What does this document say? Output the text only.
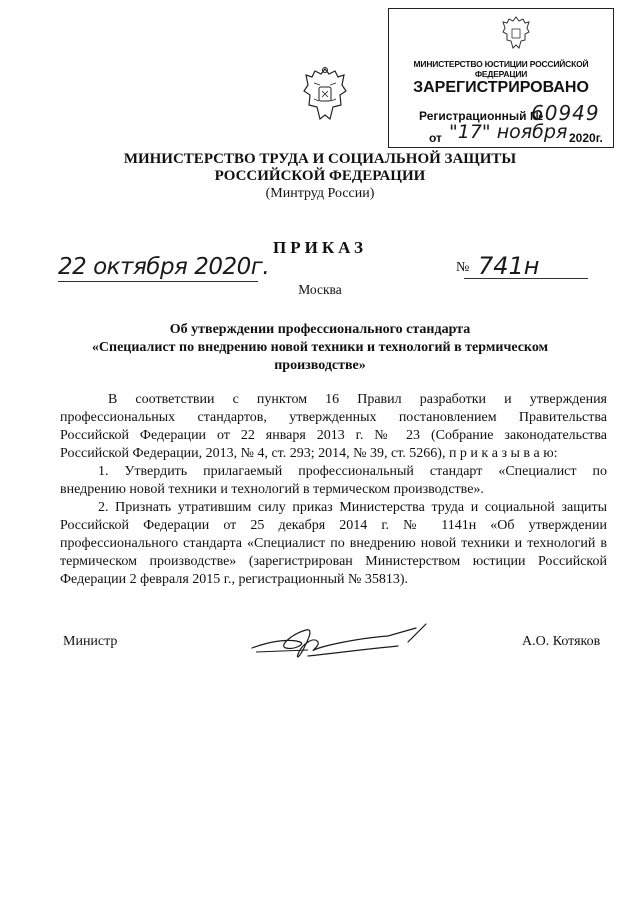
МИНИСТЕРСТВО ЮСТИЦИИ РОССИЙСКОЙ ФЕДЕРАЦИИ
ЗАРЕГИСТРИРОВАНО
Регистрационный №
60949
от "17" ноября 2020г.
МИНИСТЕРСТВО ТРУДА И СОЦИАЛЬНОЙ ЗАЩИТЫ
РОССИЙСКОЙ ФЕДЕРАЦИИ
(Минтруд России)
ПРИКАЗ
22 октября 2020г.	№ 741н
Москва
Об утверждении профессионального стандарта
«Специалист по внедрению новой техники и технологий в термическом
производстве»
В соответствии с пунктом 16 Правил разработки и утверждения
профессиональных стандартов, утвержденных постановлением Правительства
Российской Федерации от 22 января 2013 г. № 23 (Собрание законодательства
Российской Федерации, 2013, № 4, ст. 293; 2014, № 39, ст. 5266), п р и к а з ы в а ю:
1. Утвердить прилагаемый профессиональный стандарт «Специалист по
внедрению новой техники и технологий в термическом производстве».
2. Признать утратившим силу приказ Министерства труда и социальной защиты
Российской Федерации от 25 декабря 2014 г. № 1141н «Об утверждении
профессионального стандарта «Специалист по внедрению новой техники и технологий в
термическом производстве» (зарегистрирован Министерством юстиции Российской
Федерации 2 февраля 2015 г., регистрационный № 35813).
Министр	А.О. Котяков
